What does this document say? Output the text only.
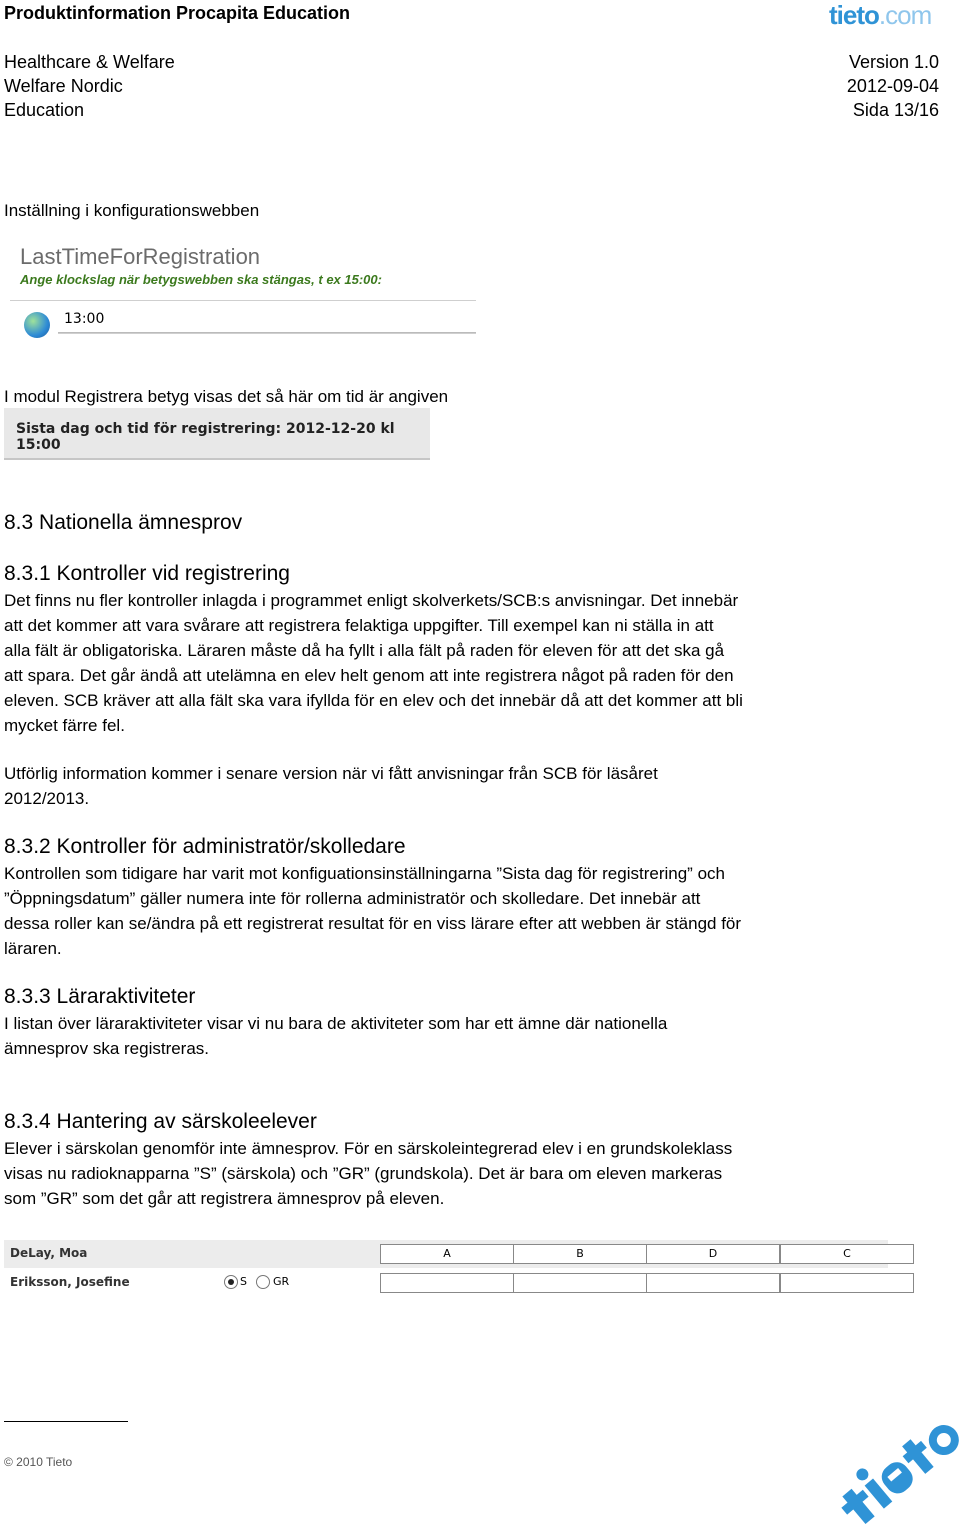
Produktinformation Procapita Education	tieto.com
Healthcare & Welfare
Welfare Nordic
Education
Version 1.0
2012-09-04
Sida 13/16
Inställning i konfigurationswebben
LastTimeForRegistration
Ange klockslag när betygswebben ska stängas, t ex 15:00:
13:00
I modul Registrera betyg visas det så här om tid är angiven
Sista dag och tid för registrering: 2012-12-20 kl 15:00
8.3 Nationella ämnesprov
8.3.1 Kontroller vid registrering
Det finns nu fler kontroller inlagda i programmet enligt skolverkets/SCB:s anvisningar. Det innebär
att det kommer att vara svårare att registrera felaktiga uppgifter. Till exempel kan ni ställa in att
alla fält är obligatoriska. Läraren måste då ha fyllt i alla fält på raden för eleven för att det ska gå
att spara. Det går ändå att utelämna en elev helt genom att inte registrera något på raden för den
eleven. SCB kräver att alla fält ska vara ifyllda för en elev och det innebär då att det kommer att bli
mycket färre fel.
Utförlig information kommer i senare version när vi fått anvisningar från SCB för läsåret
2012/2013.
8.3.2 Kontroller för administratör/skolledare
Kontrollen som tidigare har varit mot konfiguationsinställningarna ”Sista dag för registrering” och
”Öppningsdatum” gäller numera inte för rollerna administratör och skolledare. Det innebär att
dessa roller kan se/ändra på ett registrerat resultat för en viss lärare efter att webben är stängd för
läraren.
8.3.3 Läraraktiviteter
I listan över läraraktiviteter visar vi nu bara de aktiviteter som har ett ämne där nationella
ämnesprov ska registreras.
8.3.4 Hantering av särskoleelever
Elever i särskolan genomför inte ämnesprov. För en särskoleintegrerad elev i en grundskoleklass
visas nu radioknapparna ”S” (särskola) och ”GR” (grundskola). Det är bara om eleven markeras
som ”GR” som det går att registrera ämnesprov på eleven.
DeLay, Moa	A	B	D	C
Eriksson, Josefine	S GR
© 2010 Tieto
